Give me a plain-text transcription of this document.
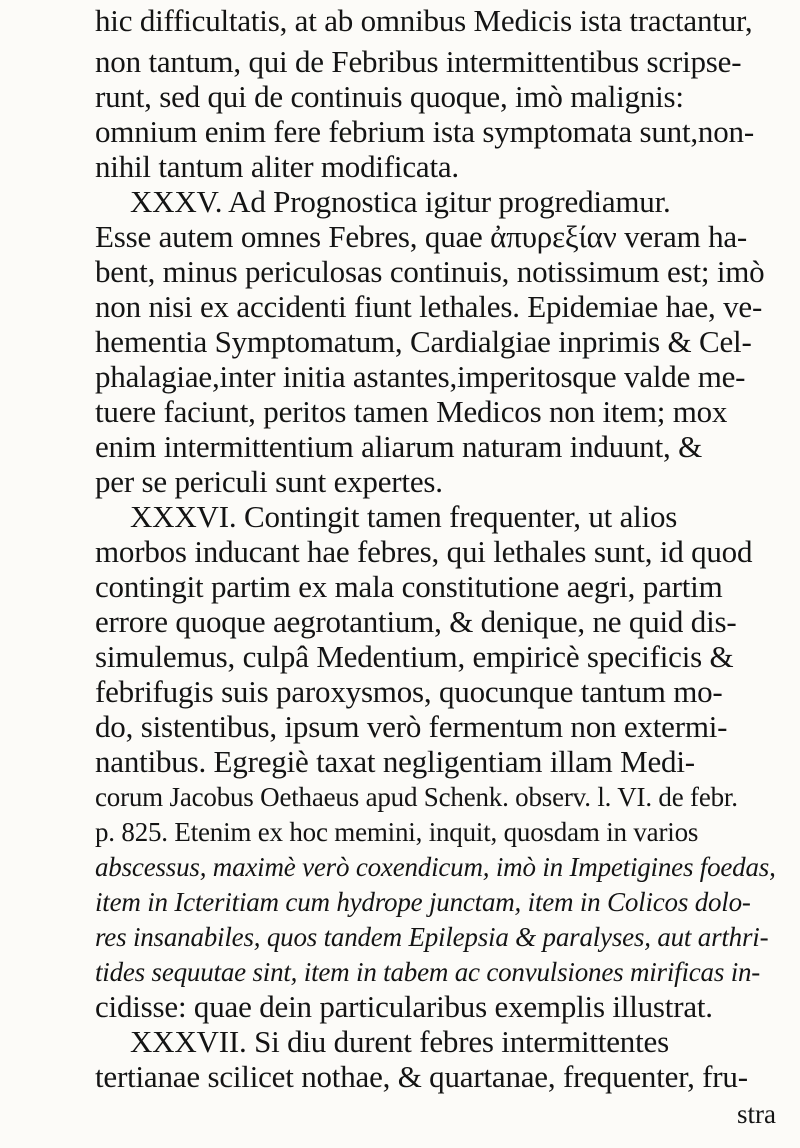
hic difficultatis, at ab omnibus Medicis ista tractantur,
non tantum, qui de Febribus intermittentibus scripse-
runt, sed qui de continuis quoque, imò malignis:
omnium enim fere febrium ista symptomata sunt,non-
nihil tantum aliter modificata.
XXXV. Ad Prognostica igitur progrediamur.
Esse autem omnes Febres, quae ἀπυρεξίαν veram ha-
bent, minus periculosas continuis, notissimum est; imò
non nisi ex accidenti fiunt lethales. Epidemiae hae, ve-
hementia Symptomatum, Cardialgiae inprimis & Cel-
phalagiae,inter initia astantes,imperitosque valde me-
tuere faciunt, peritos tamen Medicos non item; mox
enim intermittentium aliarum naturam induunt, &
per se periculi sunt expertes.
XXXVI. Contingit tamen frequenter, ut alios
morbos inducant hae febres, qui lethales sunt, id quod
contingit partim ex mala constitutione aegri, partim
errore quoque aegrotantium, & denique, ne quid dis-
simulemus, culpâ Medentium, empiricè specificis &
febrifugis suis paroxysmos, quocunque tantum mo-
do, sistentibus, ipsum verò fermentum non extermi-
nantibus. Egregiè taxat negligentiam illam Medi-
corum Jacobus Oethaeus apud Schenk. observ. l. VI. de febr.
p. 825. Etenim ex hoc memini, inquit, quosdam in varios
abscessus, maximè verò coxendicum, imò in Impetigines foedas,
item in Icteritiam cum hydrope junctam, item in Colicos dolo-
res insanabiles, quos tandem Epilepsia & paralyses, aut arthri-
tides sequutae sint, item in tabem ac convulsiones mirificas in-
cidisse: quae dein particularibus exemplis illustrat.
XXXVII. Si diu durent febres intermittentes
tertianae scilicet nothae, & quartanae, frequenter, fru-
stra
